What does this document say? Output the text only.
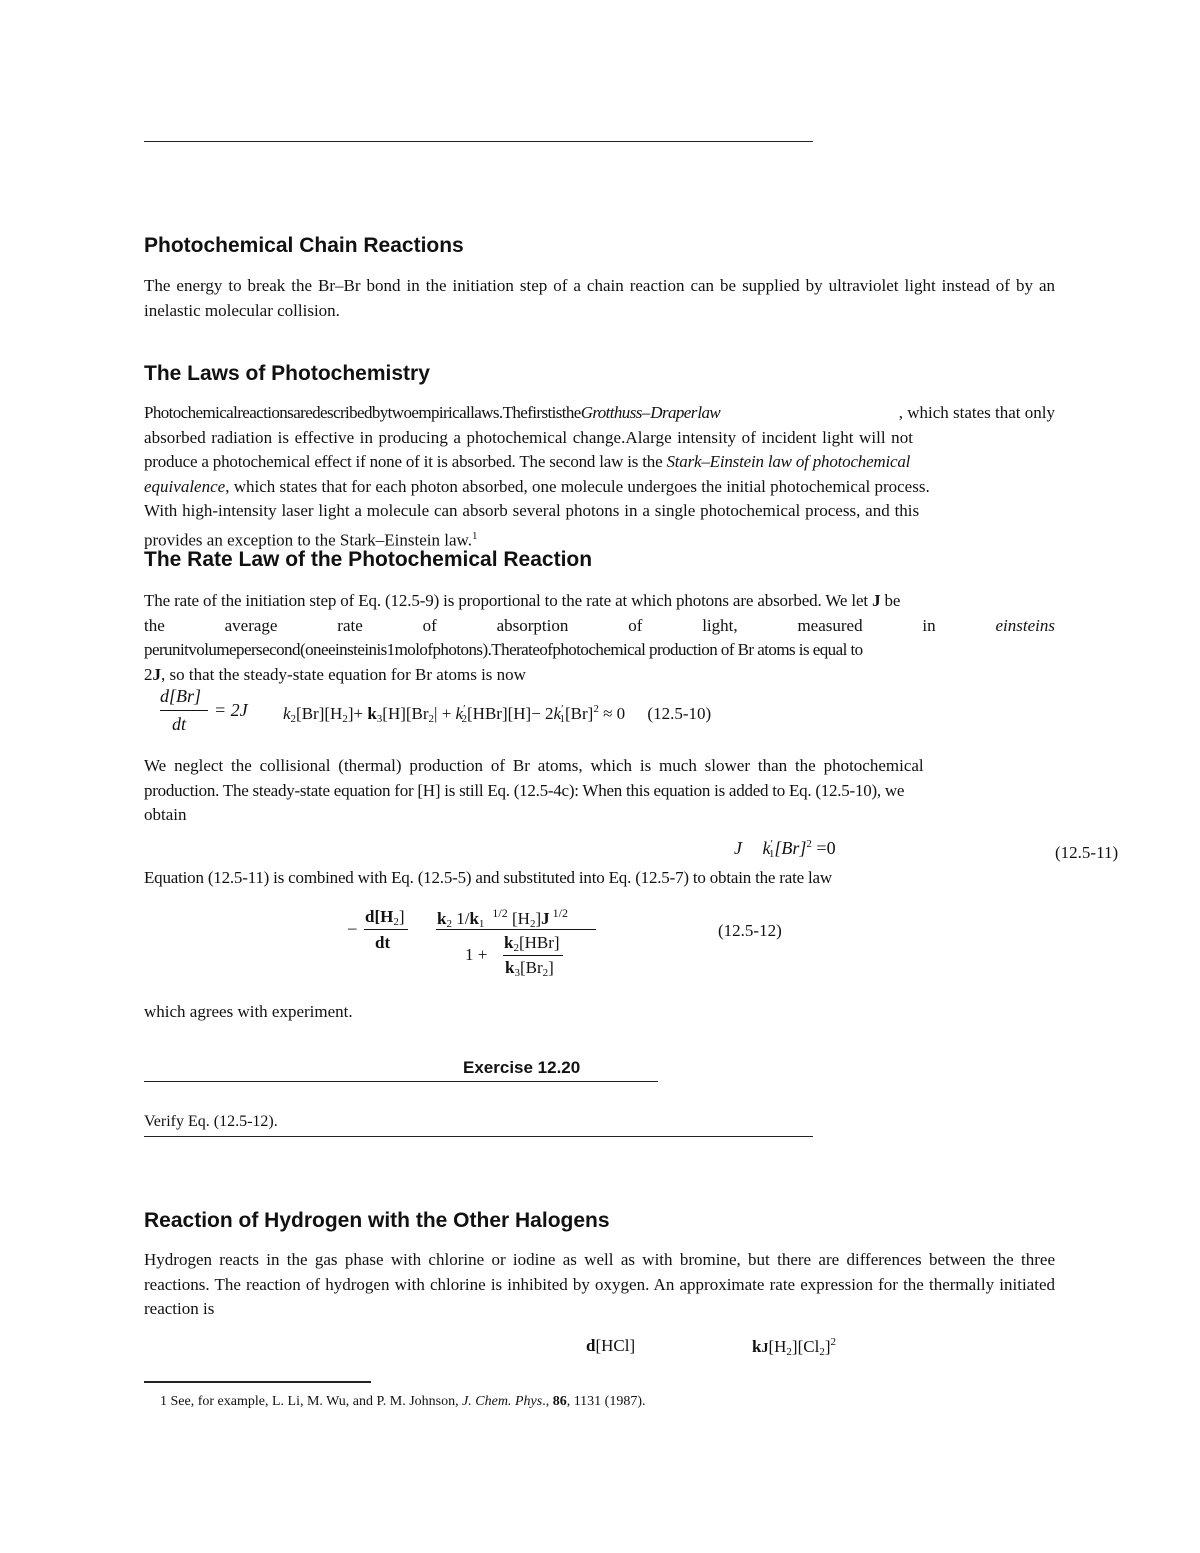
Photochemical Chain Reactions

The energy to break the Br–Br bond in the initiation step of a chain reaction can be supplied by ultraviolet light instead of by an inelastic molecular collision.

The Laws of Photochemistry
Photochemicalreactionsaredescribedbytwoempiricallaws.ThefirstistheGrotthuss– Draper law	, which states that only
absorbed radiation is effective in producing a photochemical change.Alarge intensity of incident light will not
produce a photochemical effect if none of it is absorbed. The second law is the Stark–Einstein law of photochemical
equivalence, which states that for each photon absorbed, one molecule undergoes the initial photochemical process.
With high-intensity laser light a molecule can absorb several photons in a single photochemical process, and this
provides an exception to the Stark–Einstein law.$^1$
The Rate Law of the Photochemical Reaction
The rate of the initiation step of Eq. (12.5-9) is proportional to the rate at which photons are absorbed. We let J be
the	average	rate	of	absorption	of	light,	measured	in	einsteins
perunitvolumepersecond(oneeinsteinis1molofphotons).Therateofphotochemical production of Br atoms is equal to
2J, so that the steady-state equation for Br atoms is now
d[Br]
dt
= 2J $k_2[Br][H_2]+ k_3[H][Br_2| + k'_2[HBr][H]- 2k'_1[Br]^2 \approx 0$ (12.5-10)
We neglect the collisional (thermal) production of Br atoms, which is much slower than the photochemical
production. The steady-state equation for [H] is still Eq. (12.5-4c): When this equation is added to Eq. (12.5-10), we
obtain
J $k'_1[Br]^2 =0$	(12.5-11)

Equation (12.5-11) is combined with Eq. (12.5-5) and substituted into Eq. (12.5-7) to obtain the rate law

–
$d[H_2]$
dt
$k_2$ $1/k_1^{1/2}$ $[H_2]J$ $^{1/2}$
1 +
$k_2[HBr]$
$k_3[Br_2]$
(12.5-12)

which agrees with experiment.

Exercise 12.20
Verify Eq. (12.5-12).
Reaction of Hydrogen with the Other Halogens

Hydrogen reacts in the gas phase with chlorine or iodine as well as with bromine, but there are differences between the three reactions. The reaction of hydrogen with chlorine is inhibited by oxygen. An approximate rate expression for the thermally initiated reaction is

d[HCl]	$kJ[H_2][Cl_2]^2$
1 See, for example, L. Li, M. Wu, and P. M. Johnson, J. Chem. Phys., 86, 1131 (1987).
